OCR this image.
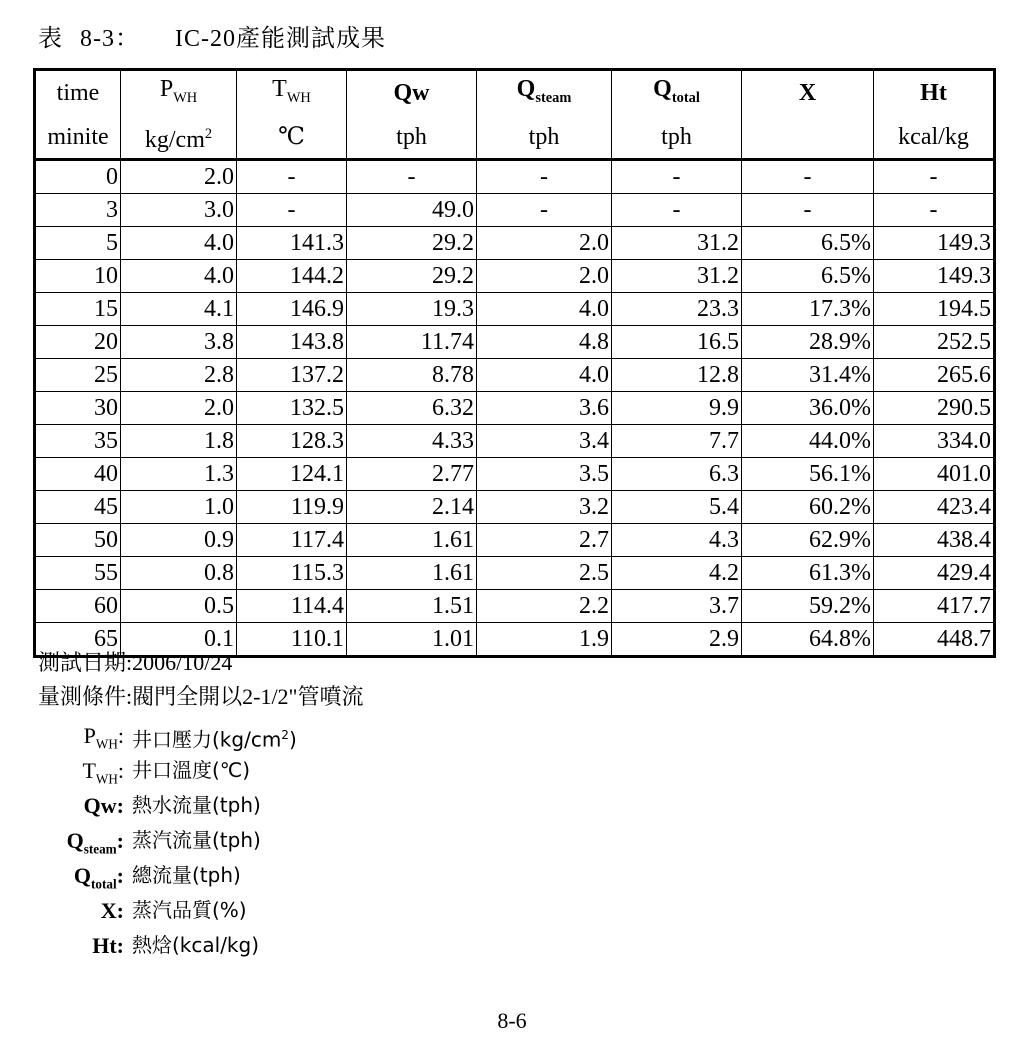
表 8-3： IC-20產能測試成果
time	$P_{WH}$	$T_{WH}$	Qw	$Q_{steam}$	$Q_{total}$	X	Ht
minite	$kg/cm^2$	℃	tph	tph	tph		kcal/kg
0	2.0	-	-	-	-	-	-
3	3.0	-	49.0	-	-	-	-
5	4.0	141.3	29.2	2.0	31.2	6.5%	149.3
10	4.0	144.2	29.2	2.0	31.2	6.5%	149.3
15	4.1	146.9	19.3	4.0	23.3	17.3%	194.5
20	3.8	143.8	11.74	4.8	16.5	28.9%	252.5
25	2.8	137.2	8.78	4.0	12.8	31.4%	265.6
30	2.0	132.5	6.32	3.6	9.9	36.0%	290.5
35	1.8	128.3	4.33	3.4	7.7	44.0%	334.0
40	1.3	124.1	2.77	3.5	6.3	56.1%	401.0
45	1.0	119.9	2.14	3.2	5.4	60.2%	423.4
50	0.9	117.4	1.61	2.7	4.3	62.9%	438.4
55	0.8	115.3	1.61	2.5	4.2	61.3%	429.4
60	0.5	114.4	1.51	2.2	3.7	59.2%	417.7
65	0.1	110.1	1.01	1.9	2.9	64.8%	448.7
測試日期:2006/10/24
量測條件:閥門全開以2-1/2"管噴流
$P_{WH}$: 井口壓力$(kg/cm^2)$
$T_{WH}$: 井口溫度(℃)
Qw: 熱水流量(tph)
$Q_{steam}$: 蒸汽流量(tph)
$Q_{total}$: 總流量(tph)
X: 蒸汽品質(%)
Ht: 熱焓(kcal/kg)
8-6
